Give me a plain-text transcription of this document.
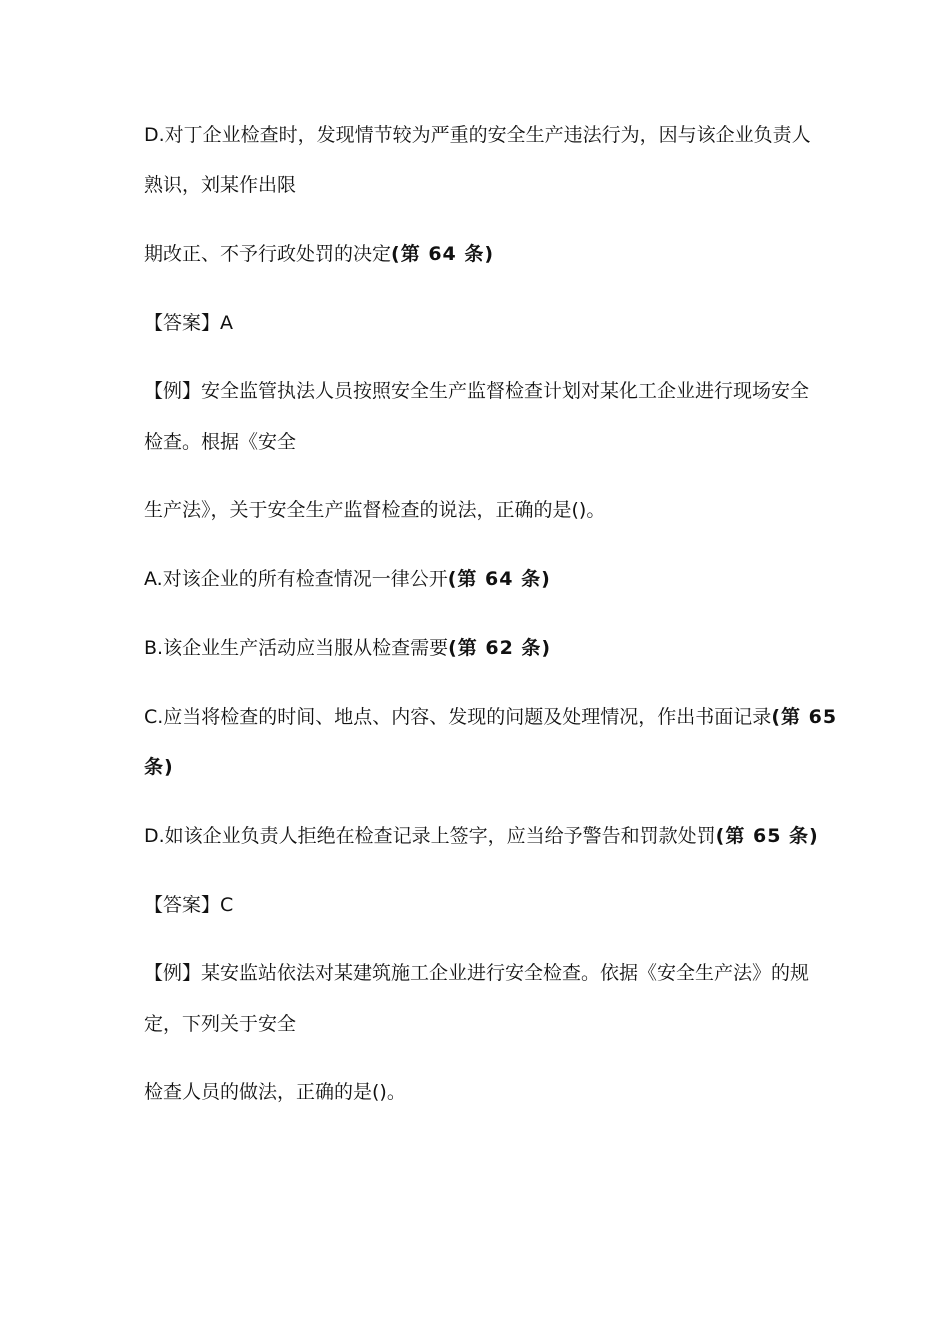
D.对丁企业检查时，发现情节较为严重的安全生产违法行为，因与该企业负责人
熟识，刘某作出限
期改正、不予行政处罚的决定(第 64 条)
【答案】A
【例】安全监管执法人员按照安全生产监督检查计划对某化工企业进行现场安全
检查。根据《安全
生产法》，关于安全生产监督检查的说法，正确的是()。
A.对该企业的所有检查情况一律公开(第 64 条)
B.该企业生产活动应当服从检查需要(第 62 条)
C.应当将检查的时间、地点、内容、发现的问题及处理情况，作出书面记录(第 65
条)
D.如该企业负责人拒绝在检查记录上签字，应当给予警告和罚款处罚(第 65 条)
【答案】C
【例】某安监站依法对某建筑施工企业进行安全检查。依据《安全生产法》的规
定，下列关于安全
检查人员的做法，正确的是()。
